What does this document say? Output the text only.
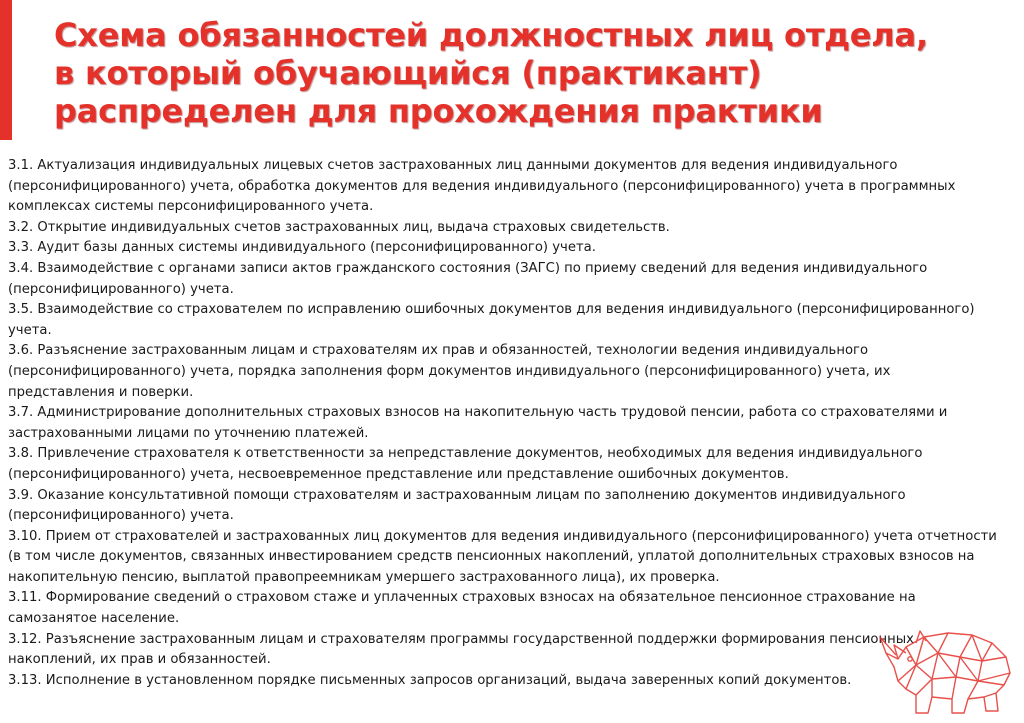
Схема обязанностей должностных лиц отдела,
в который обучающийся (практикант)
распределен для прохождения практики

3.1. Актуализация индивидуальных лицевых счетов застрахованных лиц данными документов для ведения индивидуального (персонифицированного) учета, обработка документов для ведения индивидуального (персонифицированного) учета в программных комплексах системы персонифицированного учета.

3.2. Открытие индивидуальных счетов застрахованных лиц, выдача страховых свидетельств.

3.3. Аудит базы данных системы индивидуального (персонифицированного) учета.

3.4. Взаимодействие с органами записи актов гражданского состояния (ЗАГС) по приему сведений для ведения индивидуального (персонифицированного) учета.

3.5. Взаимодействие со страхователем по исправлению ошибочных документов для ведения индивидуального (персонифицированного) учета.

3.6. Разъяснение застрахованным лицам и страхователям их прав и обязанностей, технологии ведения индивидуального (персонифицированного) учета, порядка заполнения форм документов индивидуального (персонифицированного) учета, их представления и поверки.

3.7. Администрирование дополнительных страховых взносов на накопительную часть трудовой пенсии, работа со страхователями и застрахованными лицами по уточнению платежей.

3.8. Привлечение страхователя к ответственности за непредставление документов, необходимых для ведения индивидуального (персонифицированного) учета, несвоевременное представление или представление ошибочных документов.

3.9. Оказание консультативной помощи страхователям и застрахованным лицам по заполнению документов индивидуального (персонифицированного) учета.

3.10. Прием от страхователей и застрахованных лиц документов для ведения индивидуального (персонифицированного) учета отчетности (в том числе документов, связанных инвестированием средств пенсионных накоплений, уплатой дополнительных страховых взносов на накопительную пенсию, выплатой правопреемникам умершего застрахованного лица), их проверка.

3.11. Формирование сведений о страховом стаже и уплаченных страховых взносах на обязательное пенсионное страхование на самозанятое население.

3.12. Разъяснение застрахованным лицам и страхователям программы государственной поддержки формирования пенсионных накоплений, их прав и обязанностей.

3.13. Исполнение в установленном порядке письменных запросов организаций, выдача заверенных копий документов.
